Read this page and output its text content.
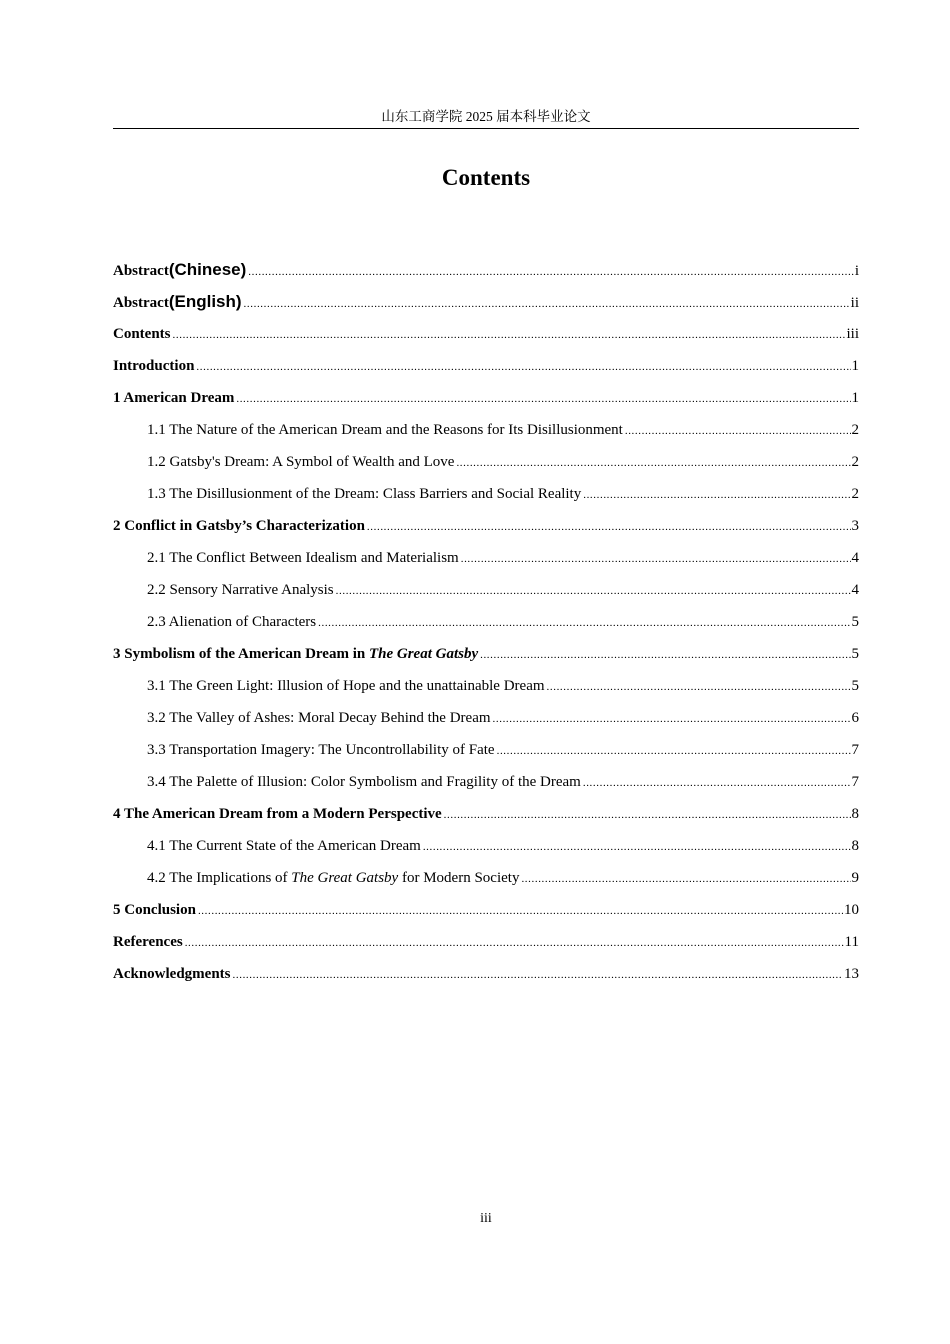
山东工商学院 2025 届本科毕业论文
Contents
Abstract(Chinese) .....	i
Abstract(English) .....	ii
Contents .....	iii
Introduction .....	1
1 American Dream .....	1
1.1 The Nature of the American Dream and the Reasons for Its Disillusionment .....	2
1.2 Gatsby's Dream: A Symbol of Wealth and Love .....	2
1.3 The Disillusionment of the Dream: Class Barriers and Social Reality .....	2
2 Conflict in Gatsby’s Characterization .....	3
2.1 The Conflict Between Idealism and Materialism .....	4
2.2 Sensory Narrative Analysis .....	4
2.3 Alienation of Characters .....	5
3 Symbolism of the American Dream in The Great Gatsby .....	5
3.1 The Green Light: Illusion of Hope and the unattainable Dream .....	5
3.2 The Valley of Ashes: Moral Decay Behind the Dream .....	6
3.3 Transportation Imagery: The Uncontrollability of Fate .....	7
3.4 The Palette of Illusion: Color Symbolism and Fragility of the Dream .....	7
4 The American Dream from a Modern Perspective .....	8
4.1 The Current State of the American Dream .....	8
4.2 The Implications of The Great Gatsby for Modern Society .....	9
5 Conclusion .....	10
References .....	11
Acknowledgments .....	13
iii
